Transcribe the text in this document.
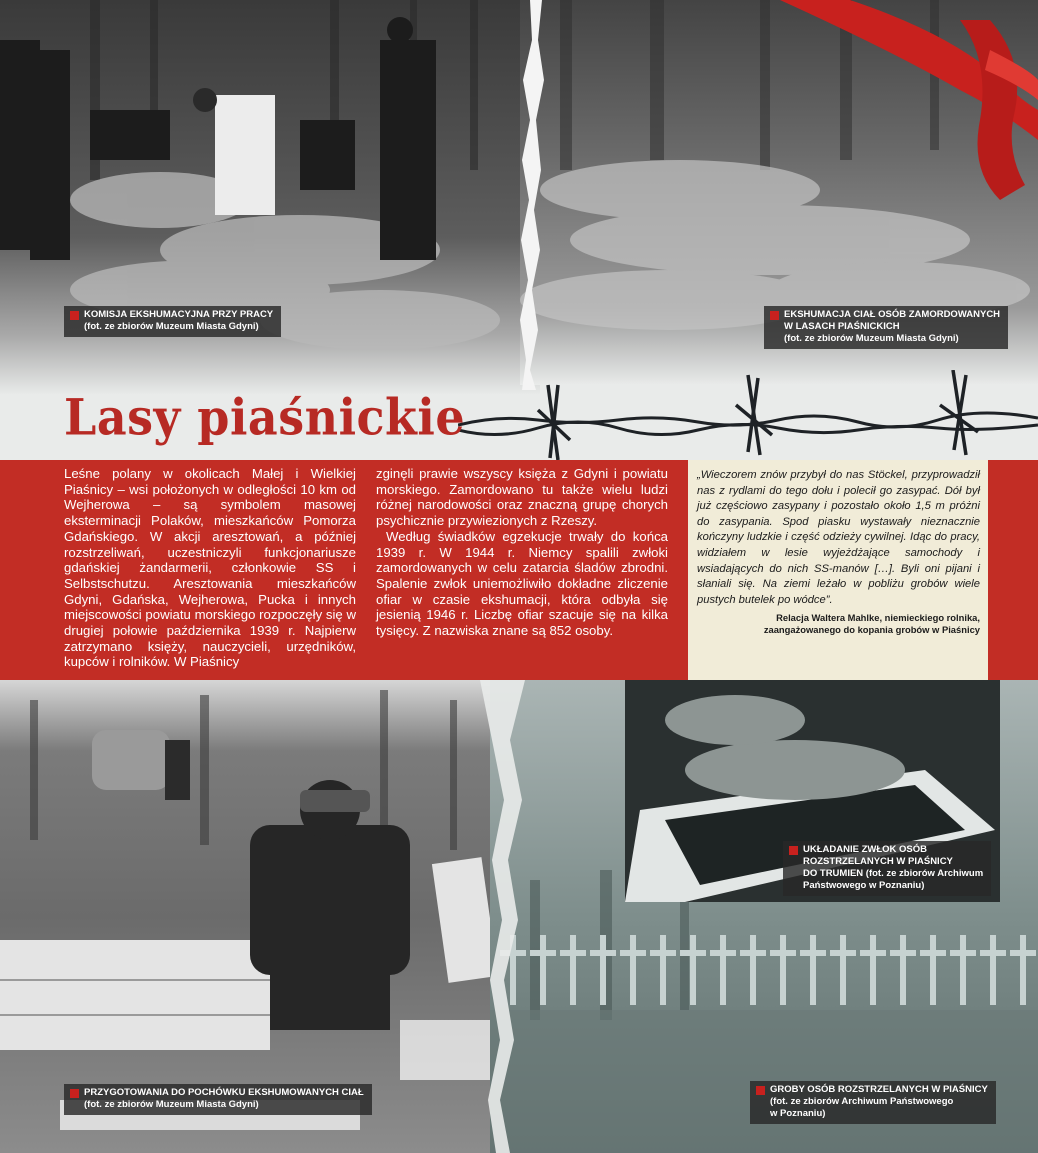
Lasy piaśnickie
Leśne polany w okolicach Małej i Wielkiej Piaśnicy – wsi położonych w odległości 10 km od Wejherowa – są symbolem masowej eksterminacji Polaków, mieszkańców Pomorza Gdańskiego. W akcji aresztowań, a później rozstrzeliwań, uczestniczyli funkcjonariusze gdańskiej żandarmerii, członkowie SS i Selbstschutzu. Aresztowania mieszkańców Gdyni, Gdańska, Wejherowa, Pucka i innych miejscowości powiatu morskiego rozpoczęły się w drugiej połowie października 1939 r. Najpierw zatrzymano księży, nauczycieli, urzędników, kupców i rolników. W Piaśnicy

zginęli prawie wszyscy księża z Gdyni i powiatu morskiego. Zamordowano tu także wielu ludzi różnej narodowości oraz znaczną grupę chorych psychicznie przywiezionych z Rzeszy.

Według świadków egzekucje trwały do końca 1939 r. W 1944 r. Niemcy spalili zwłoki zamordowanych w celu zatarcia śladów zbrodni. Spalenie zwłok uniemożliwiło dokładne zliczenie ofiar w czasie ekshumacji, która odbyła się jesienią 1946 r. Liczbę ofiar szacuje się na kilka tysięcy. Z nazwiska znane są 852 osoby.

„Wieczorem znów przybył do nas Stöckel, przyprowadził nas z rydlami do tego dołu i polecił go zasypać. Dół był już częściowo zasypany i pozostało około 1,5 m próżni do zasypania. Spod piasku wystawały nieznacznie kończyny ludzkie i część odzieży cywilnej. Idąc do pracy, widziałem w lesie wyjeżdżające samochody i wsiadających do nich SS-manów […]. Byli oni pijani i słaniali się. Na ziemi leżało w pobliżu grobów wiele pustych butelek po wódce”.
Relacja Waltera Mahlke, niemieckiego rolnika,
zaangażowanego do kopania grobów w Piaśnicy
KOMISJA EKSHUMACYJNA PRZY PRACY
(fot. ze zbiorów Muzeum Miasta Gdyni)
EKSHUMACJA CIAŁ OSÓB ZAMORDOWANYCH
W LASACH PIAŚNICKICH
(fot. ze zbiorów Muzeum Miasta Gdyni)
UKŁADANIE ZWŁOK OSÓB
ROZSTRZELANYCH W PIAŚNICY
DO TRUMIEN (fot. ze zbiorów Archiwum
Państwowego w Poznaniu)
PRZYGOTOWANIA DO POCHÓWKU EKSHUMOWANYCH CIAŁ
(fot. ze zbiorów Muzeum Miasta Gdyni)
GROBY OSÓB ROZSTRZELANYCH W PIAŚNICY
(fot. ze zbiorów Archiwum Państwowego
w Poznaniu)
